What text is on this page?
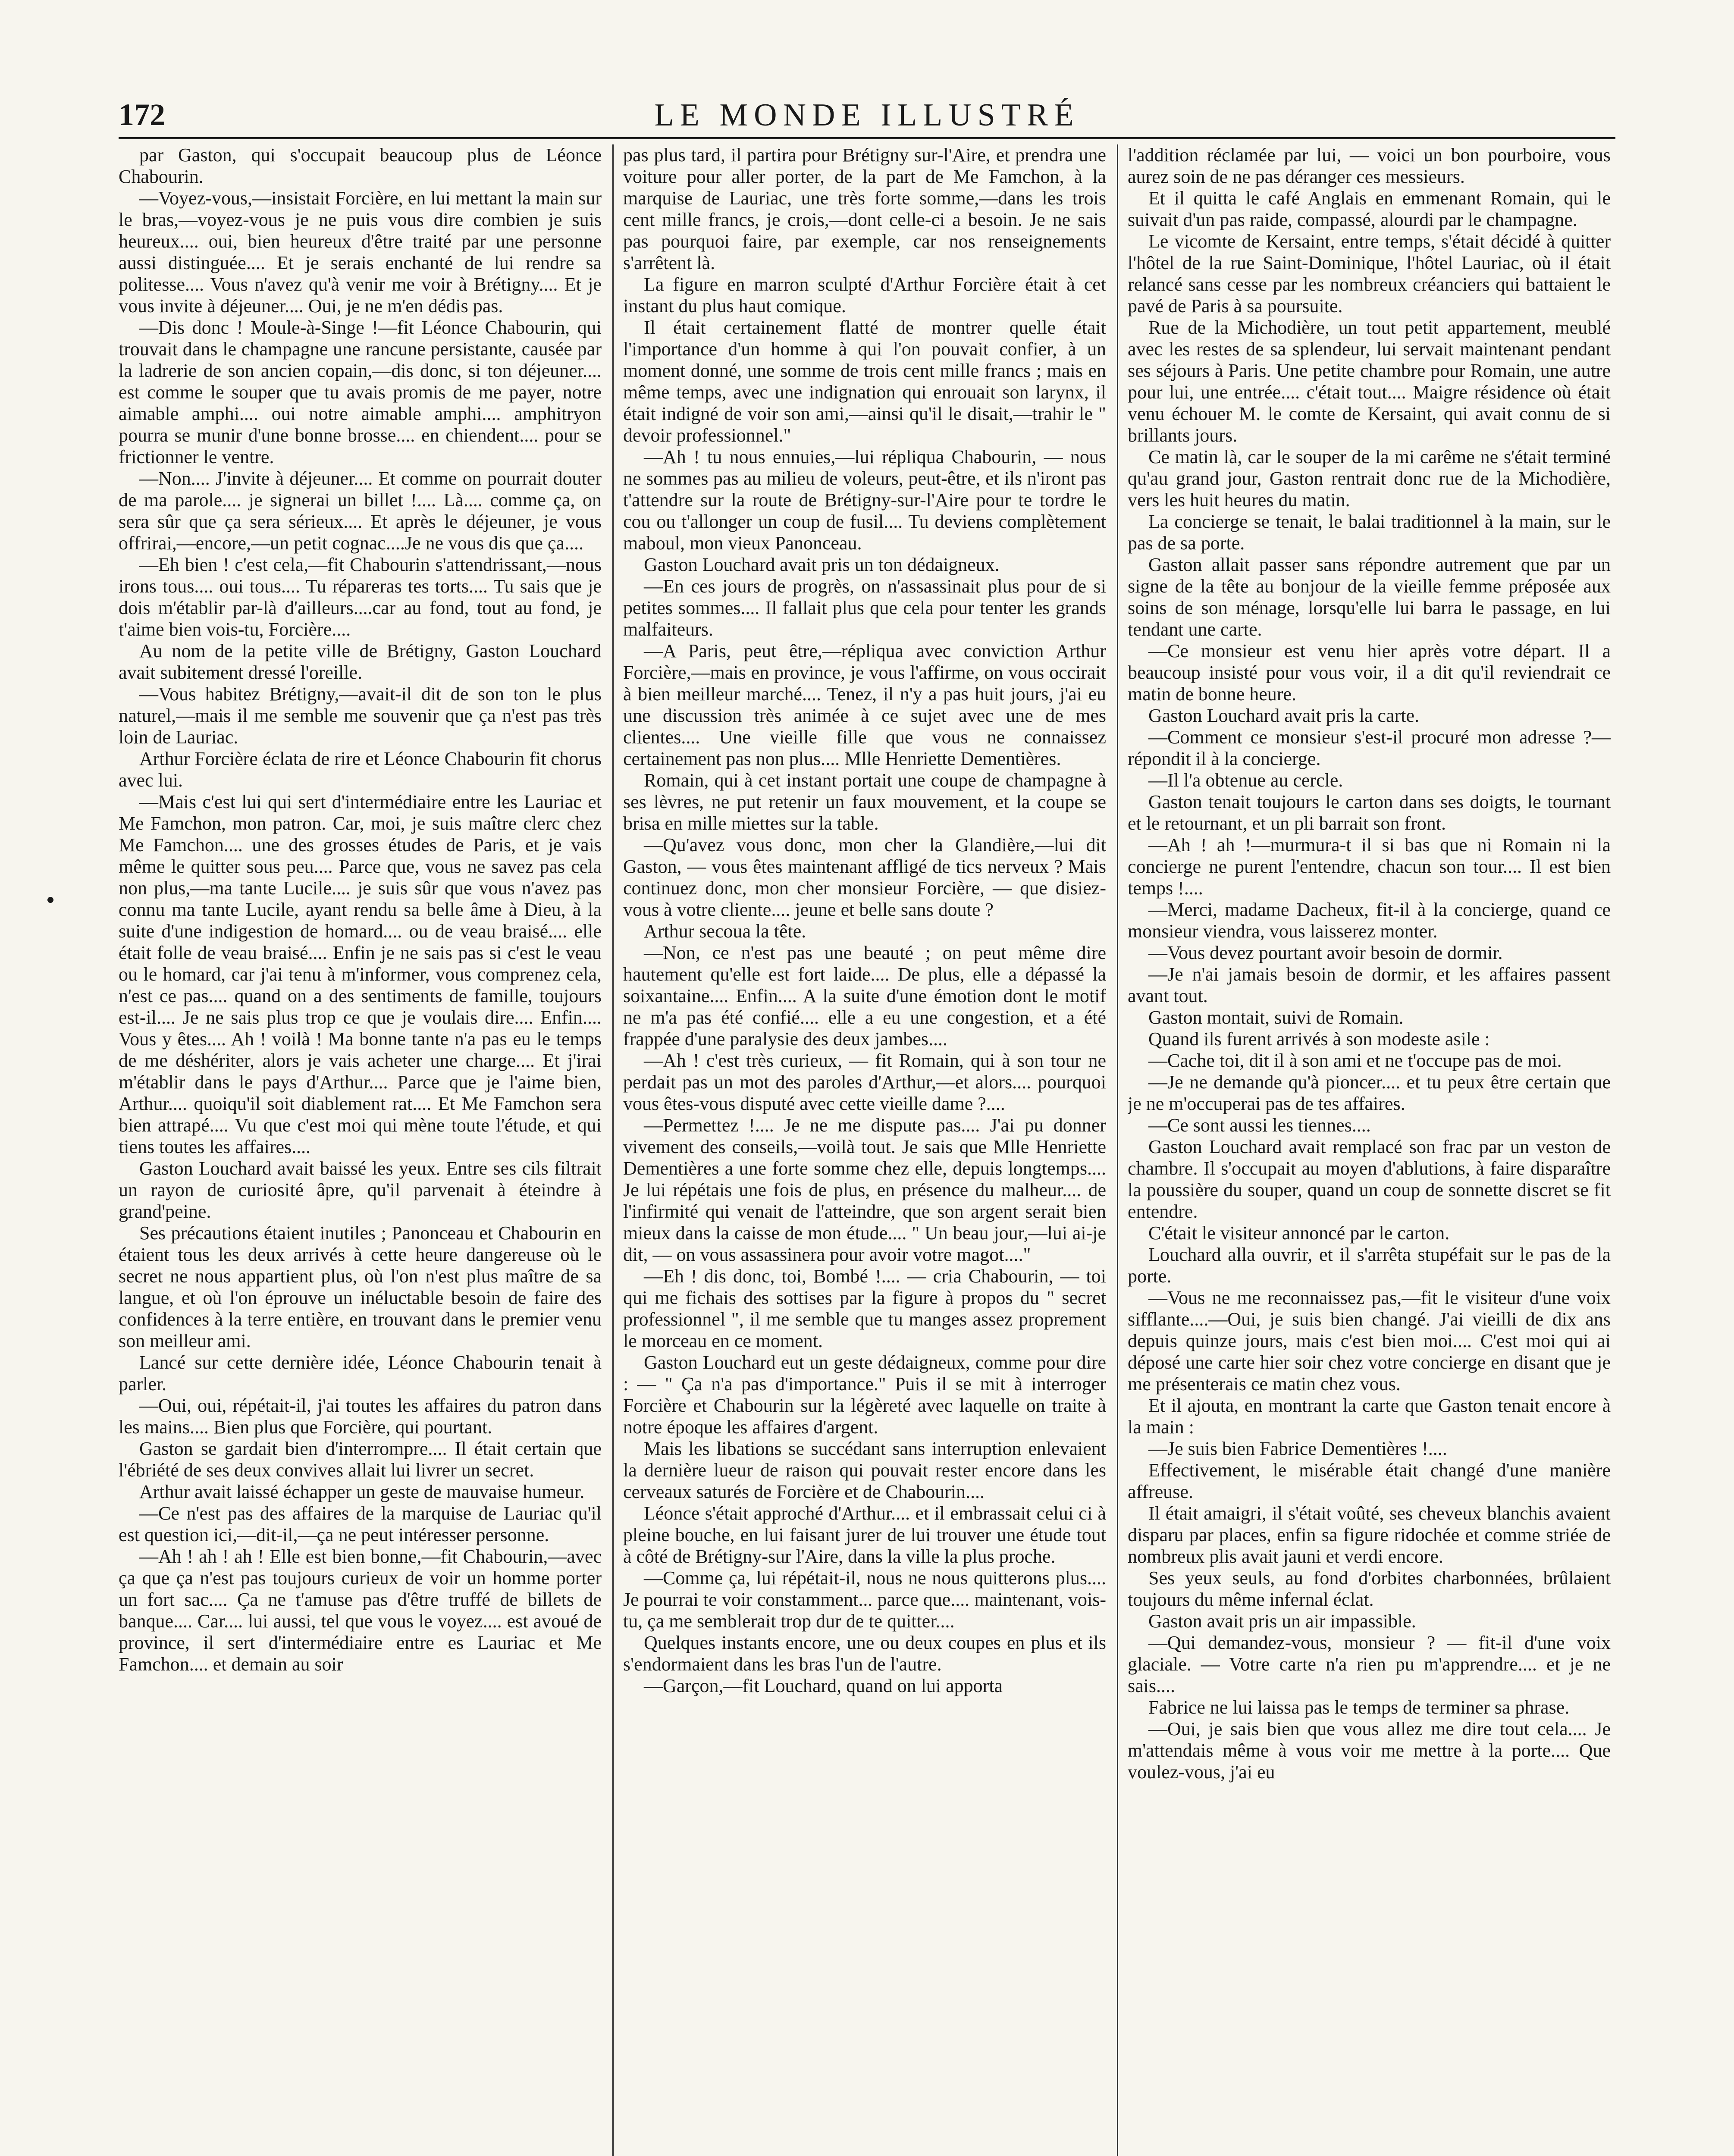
172	LE MONDE ILLUSTRÉ

par Gaston, qui s'occupait beaucoup plus de Léonce Chabourin.

—Voyez-vous,—insistait Forcière, en lui mettant la main sur le bras,—voyez-vous je ne puis vous dire combien je suis heureux.... oui, bien heureux d'être traité par une personne aussi distinguée.... Et je serais enchanté de lui rendre sa politesse.... Vous n'avez qu'à venir me voir à Brétigny.... Et je vous invite à déjeuner.... Oui, je ne m'en dédis pas.

—Dis donc ! Moule-à-Singe !—fit Léonce Chabourin, qui trouvait dans le champagne une rancune persistante, causée par la ladrerie de son ancien copain,—dis donc, si ton déjeuner.... est comme le souper que tu avais promis de me payer, notre aimable amphi.... oui notre aimable amphi.... amphitryon pourra se munir d'une bonne brosse.... en chiendent.... pour se frictionner le ventre.

—Non.... J'invite à déjeuner.... Et comme on pourrait douter de ma parole.... je signerai un billet !.... Là.... comme ça, on sera sûr que ça sera sérieux.... Et après le déjeuner, je vous offrirai,—encore,—un petit cognac....Je ne vous dis que ça....

—Eh bien ! c'est cela,—fit Chabourin s'attendrissant,—nous irons tous.... oui tous.... Tu répareras tes torts.... Tu sais que je dois m'établir par-là d'ailleurs....car au fond, tout au fond, je t'aime bien vois-tu, Forcière....

Au nom de la petite ville de Brétigny, Gaston Louchard avait subitement dressé l'oreille.

—Vous habitez Brétigny,—avait-il dit de son ton le plus naturel,—mais il me semble me souvenir que ça n'est pas très loin de Lauriac.

Arthur Forcière éclata de rire et Léonce Chabourin fit chorus avec lui.

—Mais c'est lui qui sert d'intermédiaire entre les Lauriac et Me Famchon, mon patron. Car, moi, je suis maître clerc chez Me Famchon.... une des grosses études de Paris, et je vais même le quitter sous peu.... Parce que, vous ne savez pas cela non plus,—ma tante Lucile.... je suis sûr que vous n'avez pas connu ma tante Lucile, ayant rendu sa belle âme à Dieu, à la suite d'une indigestion de homard.... ou de veau braisé.... elle était folle de veau braisé.... Enfin je ne sais pas si c'est le veau ou le homard, car j'ai tenu à m'informer, vous comprenez cela, n'est ce pas.... quand on a des sentiments de famille, toujours est-il.... Je ne sais plus trop ce que je voulais dire.... Enfin.... Vous y êtes.... Ah ! voilà ! Ma bonne tante n'a pas eu le temps de me déshériter, alors je vais acheter une charge.... Et j'irai m'établir dans le pays d'Arthur.... Parce que je l'aime bien, Arthur.... quoiqu'il soit diablement rat.... Et Me Famchon sera bien attrapé.... Vu que c'est moi qui mène toute l'étude, et qui tiens toutes les affaires....

Gaston Louchard avait baissé les yeux. Entre ses cils filtrait un rayon de curiosité âpre, qu'il parvenait à éteindre à grand'peine.

Ses précautions étaient inutiles ; Panonceau et Chabourin en étaient tous les deux arrivés à cette heure dangereuse où le secret ne nous appartient plus, où l'on n'est plus maître de sa langue, et où l'on éprouve un inéluctable besoin de faire des confidences à la terre entière, en trouvant dans le premier venu son meilleur ami.

Lancé sur cette dernière idée, Léonce Chabourin tenait à parler.

—Oui, oui, répétait-il, j'ai toutes les affaires du patron dans les mains.... Bien plus que Forcière, qui pourtant.

Gaston se gardait bien d'interrompre.... Il était certain que l'ébriété de ses deux convives allait lui livrer un secret.

Arthur avait laissé échapper un geste de mauvaise humeur.

—Ce n'est pas des affaires de la marquise de Lauriac qu'il est question ici,—dit-il,—ça ne peut intéresser personne.

—Ah ! ah ! ah ! Elle est bien bonne,—fit Chabourin,—avec ça que ça n'est pas toujours curieux de voir un homme porter un fort sac.... Ça ne t'amuse pas d'être truffé de billets de banque.... Car.... lui aussi, tel que vous le voyez.... est avoué de province, il sert d'intermédiaire entre es Lauriac et Me Famchon.... et demain au soir

pas plus tard, il partira pour Brétigny sur-l'Aire, et prendra une voiture pour aller porter, de la part de Me Famchon, à la marquise de Lauriac, une très forte somme,—dans les trois cent mille francs, je crois,—dont celle-ci a besoin. Je ne sais pas pourquoi faire, par exemple, car nos renseignements s'arrêtent là.

La figure en marron sculpté d'Arthur Forcière était à cet instant du plus haut comique.

Il était certainement flatté de montrer quelle était l'importance d'un homme à qui l'on pouvait confier, à un moment donné, une somme de trois cent mille francs ; mais en même temps, avec une indignation qui enrouait son larynx, il était indigné de voir son ami,—ainsi qu'il le disait,—trahir le " devoir professionnel."

—Ah ! tu nous ennuies,—lui répliqua Chabourin, — nous ne sommes pas au milieu de voleurs, peut-être, et ils n'iront pas t'attendre sur la route de Brétigny-sur-l'Aire pour te tordre le cou ou t'allonger un coup de fusil.... Tu deviens complètement maboul, mon vieux Panonceau.

Gaston Louchard avait pris un ton dédaigneux.

—En ces jours de progrès, on n'assassinait plus pour de si petites sommes.... Il fallait plus que cela pour tenter les grands malfaiteurs.

—A Paris, peut être,—répliqua avec conviction Arthur Forcière,—mais en province, je vous l'affirme, on vous occirait à bien meilleur marché.... Tenez, il n'y a pas huit jours, j'ai eu une discussion très animée à ce sujet avec une de mes clientes.... Une vieille fille que vous ne connaissez certainement pas non plus.... Mlle Henriette Dementières.

Romain, qui à cet instant portait une coupe de champagne à ses lèvres, ne put retenir un faux mouvement, et la coupe se brisa en mille miettes sur la table.

—Qu'avez vous donc, mon cher la Glandière,—lui dit Gaston, — vous êtes maintenant affligé de tics nerveux ? Mais continuez donc, mon cher monsieur Forcière, — que disiez-vous à votre cliente.... jeune et belle sans doute ?

Arthur secoua la tête.

—Non, ce n'est pas une beauté ; on peut même dire hautement qu'elle est fort laide.... De plus, elle a dépassé la soixantaine.... Enfin.... A la suite d'une émotion dont le motif ne m'a pas été confié.... elle a eu une congestion, et a été frappée d'une paralysie des deux jambes....

—Ah ! c'est très curieux, — fit Romain, qui à son tour ne perdait pas un mot des paroles d'Arthur,—et alors.... pourquoi vous êtes-vous disputé avec cette vieille dame ?....

—Permettez !.... Je ne me dispute pas.... J'ai pu donner vivement des conseils,—voilà tout. Je sais que Mlle Henriette Dementières a une forte somme chez elle, depuis longtemps.... Je lui répétais une fois de plus, en présence du malheur.... de l'infirmité qui venait de l'atteindre, que son argent serait bien mieux dans la caisse de mon étude.... " Un beau jour,—lui ai-je dit, — on vous assassinera pour avoir votre magot...."

—Eh ! dis donc, toi, Bombé !.... — cria Chabourin, — toi qui me fichais des sottises par la figure à propos du " secret professionnel ", il me semble que tu manges assez proprement le morceau en ce moment.

Gaston Louchard eut un geste dédaigneux, comme pour dire : — " Ça n'a pas d'importance." Puis il se mit à interroger Forcière et Chabourin sur la légèreté avec laquelle on traite à notre époque les affaires d'argent.

Mais les libations se succédant sans interruption enlevaient la dernière lueur de raison qui pouvait rester encore dans les cerveaux saturés de Forcière et de Chabourin....

Léonce s'était approché d'Arthur.... et il embrassait celui ci à pleine bouche, en lui faisant jurer de lui trouver une étude tout à côté de Brétigny-sur l'Aire, dans la ville la plus proche.

—Comme ça, lui répétait-il, nous ne nous quitterons plus.... Je pourrai te voir constamment... parce que.... maintenant, vois-tu, ça me semblerait trop dur de te quitter....

Quelques instants encore, une ou deux coupes en plus et ils s'endormaient dans les bras l'un de l'autre.

—Garçon,—fit Louchard, quand on lui apporta

l'addition réclamée par lui, — voici un bon pourboire, vous aurez soin de ne pas déranger ces messieurs.

Et il quitta le café Anglais en emmenant Romain, qui le suivait d'un pas raide, compassé, alourdi par le champagne.

Le vicomte de Kersaint, entre temps, s'était décidé à quitter l'hôtel de la rue Saint-Dominique, l'hôtel Lauriac, où il était relancé sans cesse par les nombreux créanciers qui battaient le pavé de Paris à sa poursuite.

Rue de la Michodière, un tout petit appartement, meublé avec les restes de sa splendeur, lui servait maintenant pendant ses séjours à Paris. Une petite chambre pour Romain, une autre pour lui, une entrée.... c'était tout.... Maigre résidence où était venu échouer M. le comte de Kersaint, qui avait connu de si brillants jours.

Ce matin là, car le souper de la mi carême ne s'était terminé qu'au grand jour, Gaston rentrait donc rue de la Michodière, vers les huit heures du matin.

La concierge se tenait, le balai traditionnel à la main, sur le pas de sa porte.

Gaston allait passer sans répondre autrement que par un signe de la tête au bonjour de la vieille femme préposée aux soins de son ménage, lorsqu'elle lui barra le passage, en lui tendant une carte.

—Ce monsieur est venu hier après votre départ. Il a beaucoup insisté pour vous voir, il a dit qu'il reviendrait ce matin de bonne heure.

Gaston Louchard avait pris la carte.

—Comment ce monsieur s'est-il procuré mon adresse ?—répondit il à la concierge.

—Il l'a obtenue au cercle.

Gaston tenait toujours le carton dans ses doigts, le tournant et le retournant, et un pli barrait son front.

—Ah ! ah !—murmura-t il si bas que ni Romain ni la concierge ne purent l'entendre, chacun son tour.... Il est bien temps !....

—Merci, madame Dacheux, fit-il à la concierge, quand ce monsieur viendra, vous laisserez monter.

—Vous devez pourtant avoir besoin de dormir.

—Je n'ai jamais besoin de dormir, et les affaires passent avant tout.

Gaston montait, suivi de Romain.

Quand ils furent arrivés à son modeste asile :

—Cache toi, dit il à son ami et ne t'occupe pas de moi.

—Je ne demande qu'à pioncer.... et tu peux être certain que je ne m'occuperai pas de tes affaires.

—Ce sont aussi les tiennes....

Gaston Louchard avait remplacé son frac par un veston de chambre. Il s'occupait au moyen d'ablutions, à faire disparaître la poussière du souper, quand un coup de sonnette discret se fit entendre.

C'était le visiteur annoncé par le carton.

Louchard alla ouvrir, et il s'arrêta stupéfait sur le pas de la porte.

—Vous ne me reconnaissez pas,—fit le visiteur d'une voix sifflante....—Oui, je suis bien changé. J'ai vieilli de dix ans depuis quinze jours, mais c'est bien moi.... C'est moi qui ai déposé une carte hier soir chez votre concierge en disant que je me présenterais ce matin chez vous.

Et il ajouta, en montrant la carte que Gaston tenait encore à la main :

—Je suis bien Fabrice Dementières !....

Effectivement, le misérable était changé d'une manière affreuse.

Il était amaigri, il s'était voûté, ses cheveux blanchis avaient disparu par places, enfin sa figure ridochée et comme striée de nombreux plis avait jauni et verdi encore.

Ses yeux seuls, au fond d'orbites charbonnées, brûlaient toujours du même infernal éclat.

Gaston avait pris un air impassible.

—Qui demandez-vous, monsieur ? — fit-il d'une voix glaciale. — Votre carte n'a rien pu m'apprendre.... et je ne sais....

Fabrice ne lui laissa pas le temps de terminer sa phrase.

—Oui, je sais bien que vous allez me dire tout cela.... Je m'attendais même à vous voir me mettre à la porte.... Que voulez-vous, j'ai eu
